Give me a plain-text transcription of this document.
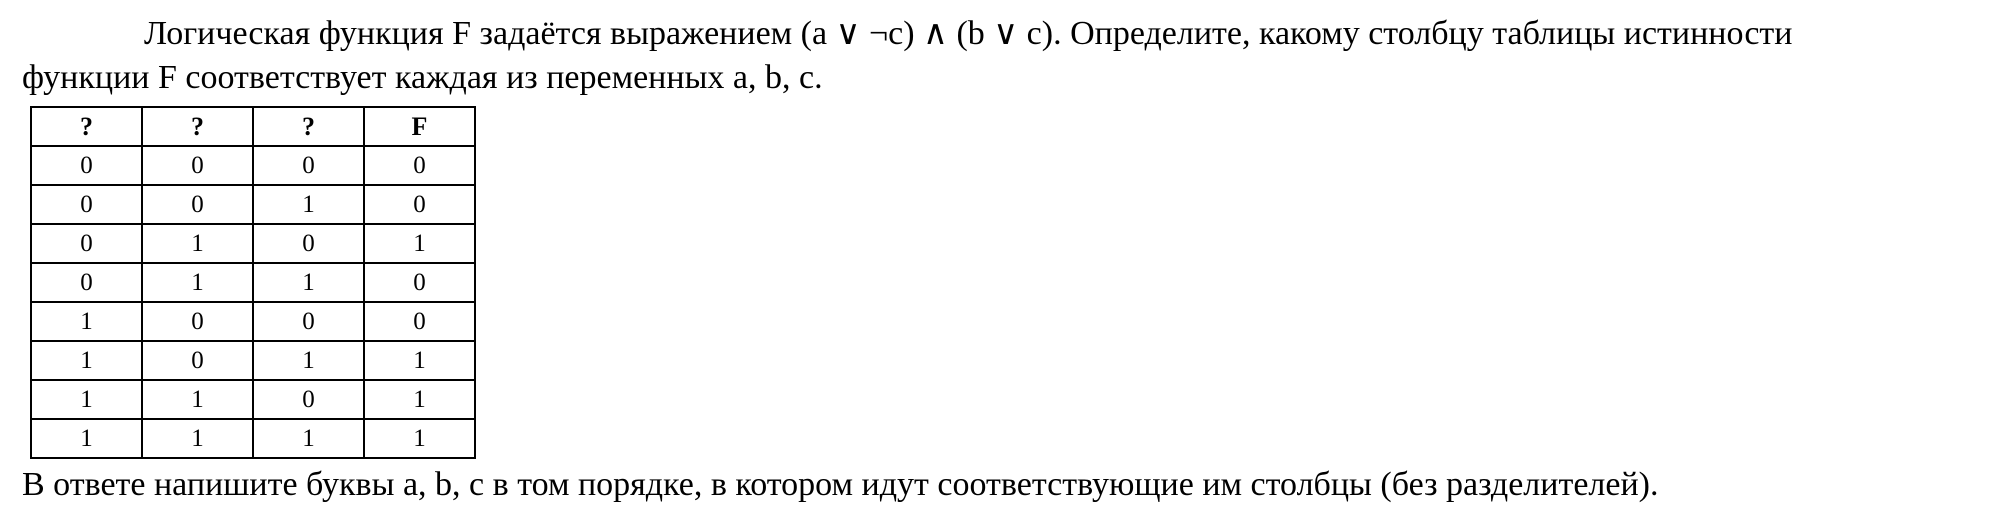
Логическая функция F задаётся выражением (a ∨ ¬c) ∧ (b ∨ c). Определите, какому столбцу таблицы истинности

функции F соответствует каждая из переменных a, b, c.

?	?	?	F
0	0	0	0
0	0	1	0
0	1	0	1
0	1	1	0
1	0	0	0
1	0	1	1
1	1	0	1
1	1	1	1

В ответе напишите буквы a, b, c в том порядке, в котором идут соответствующие им столбцы (без разделителей).
